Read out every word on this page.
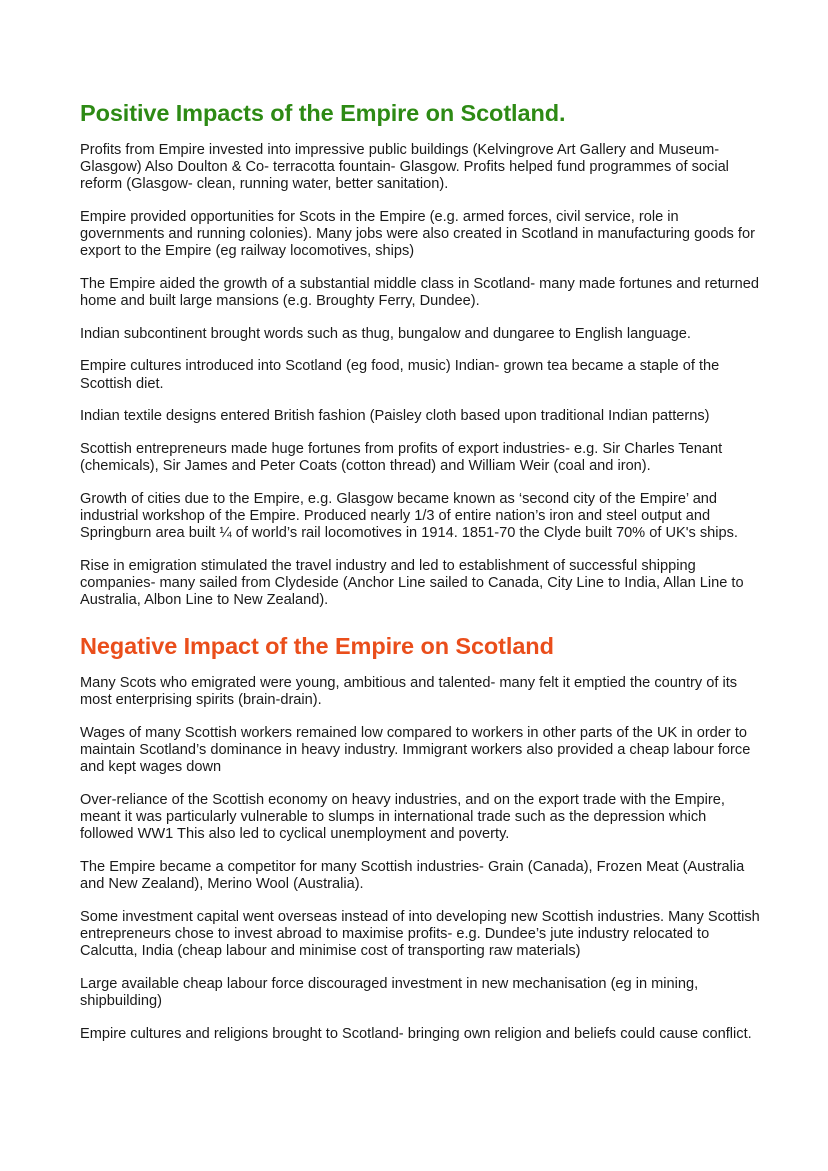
Positive Impacts of the Empire on Scotland.

Profits from Empire invested into impressive public buildings (Kelvingrove Art Gallery and Museum- Glasgow) Also Doulton & Co- terracotta fountain- Glasgow. Profits helped fund programmes of social reform (Glasgow- clean, running water, better sanitation).

Empire provided opportunities for Scots in the Empire (e.g. armed forces, civil service, role in governments and running colonies). Many jobs were also created in Scotland in manufacturing goods for export to the Empire (eg railway locomotives, ships)

The Empire aided the growth of a substantial middle class in Scotland- many made fortunes and returned home and built large mansions (e.g. Broughty Ferry, Dundee).

Indian subcontinent brought words such as thug, bungalow and dungaree to English language.

Empire cultures introduced into Scotland (eg food, music) Indian- grown tea became a staple of the Scottish diet.

Indian textile designs entered British fashion (Paisley cloth based upon traditional Indian patterns)

Scottish entrepreneurs made huge fortunes from profits of export industries- e.g. Sir Charles Tenant (chemicals), Sir James and Peter Coats (cotton thread) and William Weir (coal and iron).

Growth of cities due to the Empire, e.g. Glasgow became known as ‘second city of the Empire’ and industrial workshop of the Empire. Produced nearly 1/3 of entire nation’s iron and steel output and Springburn area built ¼ of world’s rail locomotives in 1914. 1851-70 the Clyde built 70% of UK's ships.

Rise in emigration stimulated the travel industry and led to establishment of successful shipping companies- many sailed from Clydeside (Anchor Line sailed to Canada, City Line to India, Allan Line to Australia, Albon Line to New Zealand).

Negative Impact of the Empire on Scotland

Many Scots who emigrated were young, ambitious and talented- many felt it emptied the country of its most enterprising spirits (brain-drain).

Wages of many Scottish workers remained low compared to workers in other parts of the UK in order to maintain Scotland’s dominance in heavy industry. Immigrant workers also provided a cheap labour force and kept wages down

Over-reliance of the Scottish economy on heavy industries, and on the export trade with the Empire, meant it was particularly vulnerable to slumps in international trade such as the depression which followed WW1 This also led to cyclical unemployment and poverty.

The Empire became a competitor for many Scottish industries- Grain (Canada), Frozen Meat (Australia and New Zealand), Merino Wool (Australia).

Some investment capital went overseas instead of into developing new Scottish industries. Many Scottish entrepreneurs chose to invest abroad to maximise profits- e.g. Dundee’s jute industry relocated to Calcutta, India (cheap labour and minimise cost of transporting raw materials)

Large available cheap labour force discouraged investment in new mechanisation (eg in mining, shipbuilding)

Empire cultures and religions brought to Scotland- bringing own religion and beliefs could cause conflict.
